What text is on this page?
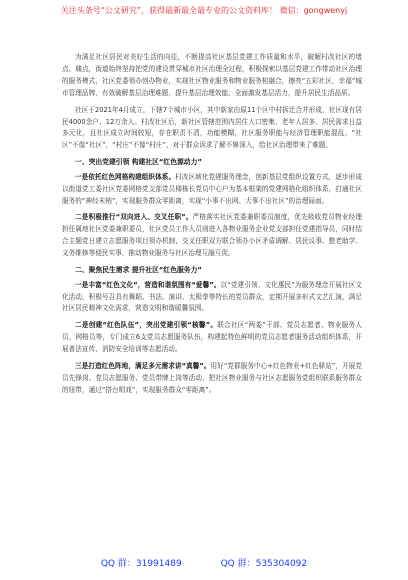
关注头条号“公文研究”，获得最新最全最专业的公文资料库！ 微信：gongwenyj

为满足社区居民对美好生活的向往，不断提高社区基层党建工作质量和水平，破解村改社区的堵点、痛点，街道始终坚持把党的建设贯穿城市社区治理全过程，积极探索以基层党建工作带动社区治理的服务模式，社区党委领办创办物业，实现社区物业服务和物业服务相融合，擦亮“五彩社区，幸福”城市管理品牌，有效破解基层治理难题，提升基层治理效能，全面激发基层活力，提升居民生活品质。

社区于2021年4月成立，下辖7个城市小区，其中新家由原11个区中村拆迁合并形成，社区现有居民4000余户、12万余人。村改社区后，新社区管辖范围内居住人口密集、老年人居多、居民需求日益多元化，且社区成立时间较短，存在职责不清，功能模糊，社区服务职能与经济管理职能混乱，“社区”不像“社区”，“村庄”不像“村庄”，对于群众诉求了解不够深入，给社区治理带来了难题。

一、突出党建引领 构建社区“红色源动力”

一是依托红色网格构建组织体系。村改区域化党建服务理念，创新基层党组织设置方式，逐步形成以街道党工委社区党委网格党支部党员楼栋长党员中心户为基本框架的党建网格化组织体系，打通社区服务的“神经末梢”，实现服务群众零距离，实现“小事不出网、大事不出社区”的治理局面。

二是积极推行“双向进入、交叉任职”。严格落实社区党委兼职委员制度，优先吸收党员物业经理担任属地社区党委兼职委员，社区党员工作人员则进入各物业服务企业党支部担任党建指导员，同时结合主题党日建立志愿服务项目领办机制，交叉任职双方联合领办小区矛盾调解、居民议事、整老助学、义务维修等便民实事，推动物业服务与社区治理互融互促。

二、聚焦民生需求 提升社区“红色服务力”

一是丰富“红色文化”，营造和谐氛围有“爱馨”。以“党建引领、文化惠民”为服务理念开展社区文化活动，积极号召具有舞蹈、书法、演讲、太极拳等特长的党员群众，定期开展多形式文艺汇演，满足社区居民精神文化需求，营造文明和谐暖馨氛围。

二是创建“红色队伍”，突出党建引领“核馨”。联合社区“两委”干部、党员志愿者、物业服务人员、网格员等，专门成立6支党员志愿服务队伍，构建起特色鲜明的党员志愿者服务活动组织体系，开展普法宣传、消防安全培训等志愿活动。

三是打造红色阵地，满足多元需求讲“真馨”。用好“党群服务中心+红色物业+红色驿站”，开展党员先锋岗、党员志愿服务、党员带牌上岗等活动，把社区物业服务与社区志愿服务党组织联系服务群众的纽带，通过“搭台唱戏”，实现服务群众“零距离”。

QQ 群：31991489	QQ 群：535304092
